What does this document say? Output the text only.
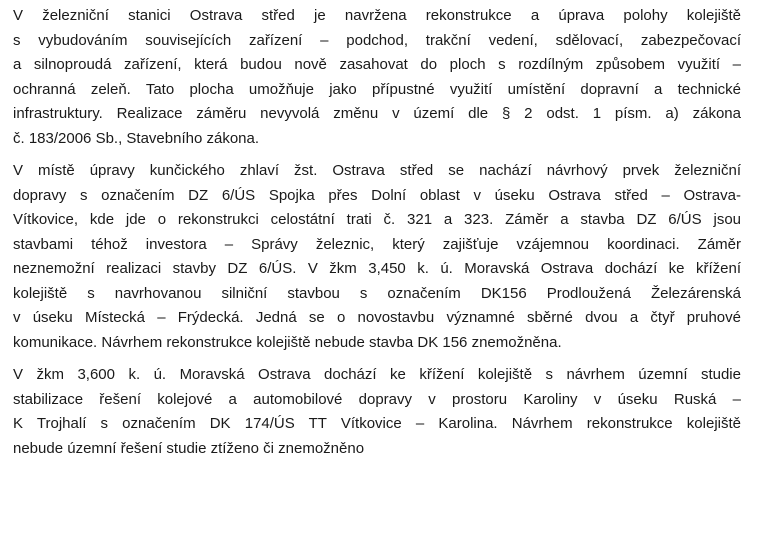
V železniční stanici Ostrava střed je navržena rekonstrukce a úprava polohy kolejiště
s vybudováním souvisejících zařízení – podchod, trakční vedení, sdělovací, zabezpečovací
a silnoproudá zařízení, která budou nově zasahovat do ploch s rozdílným způsobem využití –
ochranná zeleň. Tato plocha umožňuje jako přípustné využití umístění dopravní a technické
infrastruktury. Realizace záměru nevyvolá změnu v území dle § 2 odst. 1 písm. a) zákona
č. 183/2006 Sb., Stavebního zákona.

V místě úpravy kunčického zhlaví žst. Ostrava střed se nachází návrhový prvek železniční
dopravy s označením DZ 6/ÚS Spojka přes Dolní oblast v úseku Ostrava střed – Ostrava-
Vítkovice, kde jde o rekonstrukci celostátní trati č. 321 a 323. Záměr a stavba DZ 6/ÚS jsou
stavbami téhož investora – Správy železnic, který zajišťuje vzájemnou koordinaci. Záměr
neznemožní realizaci stavby DZ 6/ÚS. V žkm 3,450 k. ú. Moravská Ostrava dochází ke křížení
kolejiště s navrhovanou silniční stavbou s označením DK156 Prodloužená Železárenská
v úseku Místecká – Frýdecká. Jedná se o novostavbu významné sběrné dvou a čtyř pruhové
komunikace. Návrhem rekonstrukce kolejiště nebude stavba DK 156 znemožněna.

V žkm 3,600 k. ú. Moravská Ostrava dochází ke křížení kolejiště s návrhem územní studie
stabilizace řešení kolejové a automobilové dopravy v prostoru Karoliny v úseku Ruská –
K Trojhalí s označením DK 174/ÚS TT Vítkovice – Karolina. Návrhem rekonstrukce kolejiště
nebude územní řešení studie ztíženo či znemožněno
